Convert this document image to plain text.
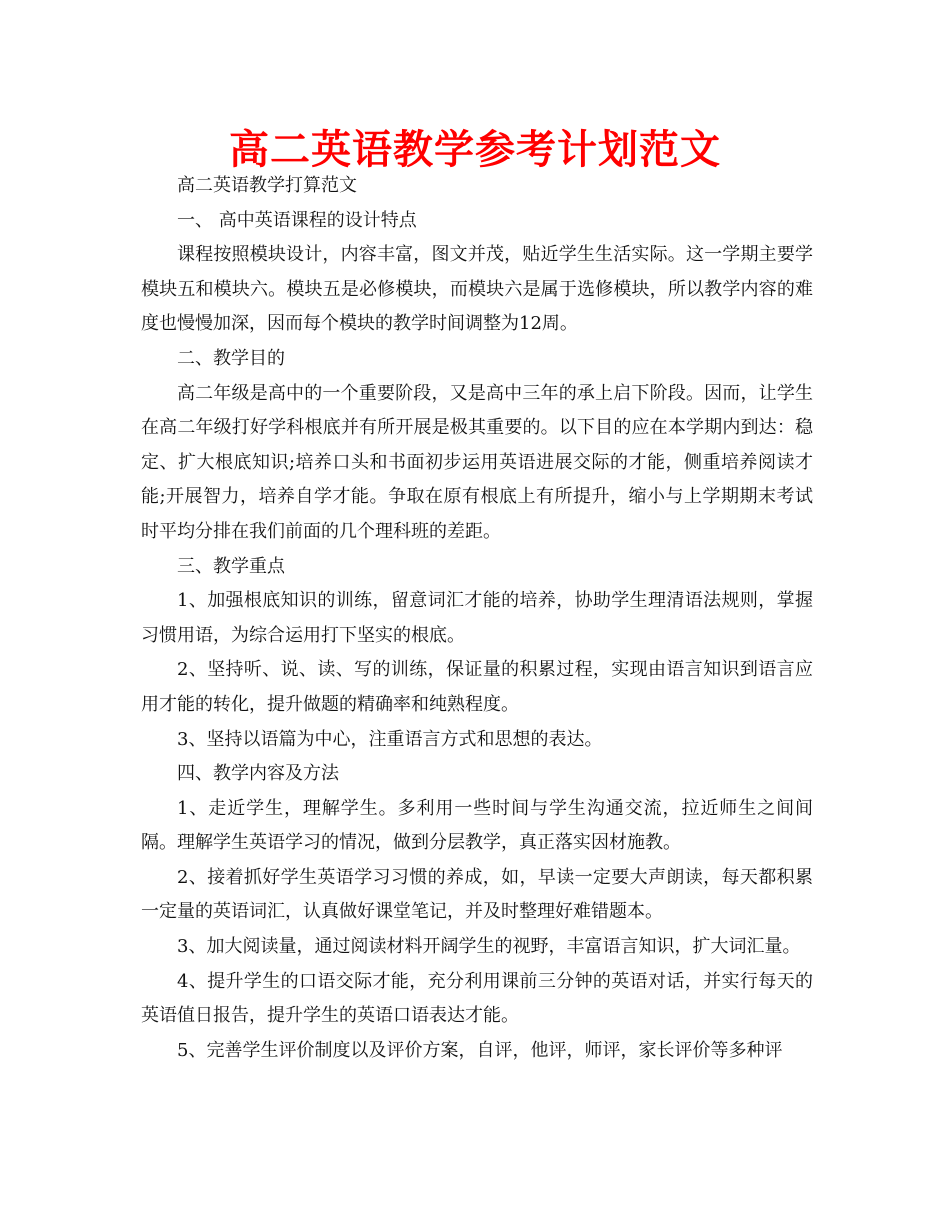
高二英语教学参考计划范文

高二英语教学打算范文

一、 高中英语课程的设计特点

课程按照模块设计，内容丰富，图文并茂，贴近学生生活实际。这一学期主要学模块五和模块六。模块五是必修模块，而模块六是属于选修模块，所以教学内容的难度也慢慢加深，因而每个模块的教学时间调整为12周。

二、教学目的

高二年级是高中的一个重要阶段，又是高中三年的承上启下阶段。因而，让学生在高二年级打好学科根底并有所开展是极其重要的。以下目的应在本学期内到达：稳定、扩大根底知识;培养口头和书面初步运用英语进展交际的才能，侧重培养阅读才能;开展智力，培养自学才能。争取在原有根底上有所提升，缩小与上学期期末考试时平均分排在我们前面的几个理科班的差距。

三、教学重点

1、加强根底知识的训练，留意词汇才能的培养，协助学生理清语法规则，掌握习惯用语，为综合运用打下坚实的根底。

2、坚持听、说、读、写的训练，保证量的积累过程，实现由语言知识到语言应用才能的转化，提升做题的精确率和纯熟程度。

3、坚持以语篇为中心，注重语言方式和思想的表达。

四、教学内容及方法

1、走近学生，理解学生。多利用一些时间与学生沟通交流，拉近师生之间间隔。理解学生英语学习的情况，做到分层教学，真正落实因材施教。

2、接着抓好学生英语学习习惯的养成，如，早读一定要大声朗读，每天都积累一定量的英语词汇，认真做好课堂笔记，并及时整理好难错题本。

3、加大阅读量，通过阅读材料开阔学生的视野，丰富语言知识，扩大词汇量。

4、提升学生的口语交际才能，充分利用课前三分钟的英语对话，并实行每天的英语值日报告，提升学生的英语口语表达才能。

5、完善学生评价制度以及评价方案，自评，他评，师评，家长评价等多种评
